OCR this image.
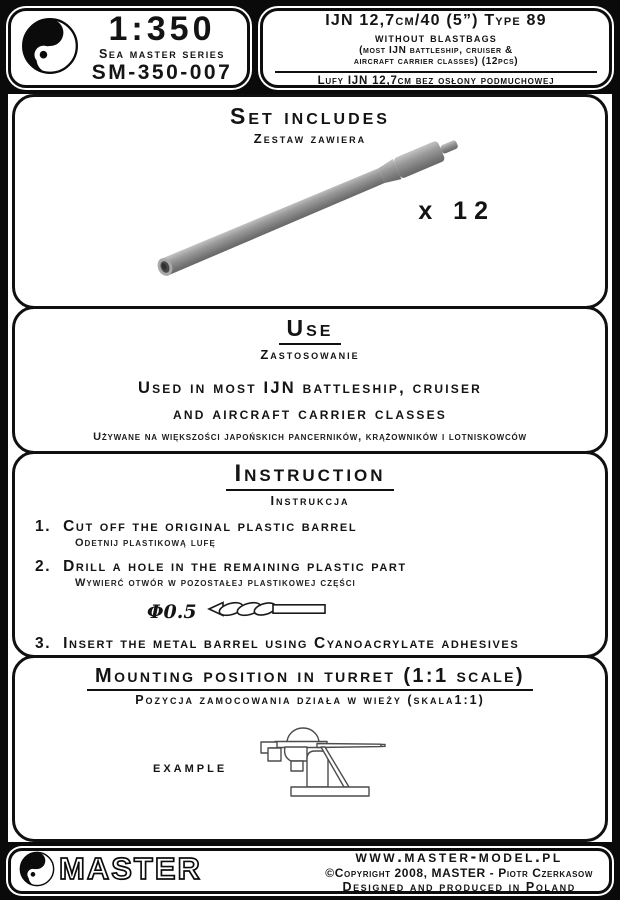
1:350
Sea master series
SM-350-007
IJN 12,7cm/40 (5”) Type 89
without blastbags
(most IJN battleship, cruiser &
aircraft carrier classes) (12pcs)
Lufy IJN 12,7cm bez osłony podmuchowej
Set includes
Zestaw zawiera
x 12
Use
Zastosowanie
Used in most IJN battleship, cruiser
and aircraft carrier classes
Używane na większości japońskich pancerników, krążowników i lotniskowców
Instruction
Instrukcja
1. Cut off the original plastic barrel
Odetnij plastikową lufę
2. Drill a hole in the remaining plastic part
Wywierć otwór w pozostałej plastikowej części
Φ0.5
3. Insert the metal barrel using Cyanoacrylate adhesives
Mounting position in turret (1:1 scale)
Pozycja zamocowania działa w wieży (skala1:1)
example
MASTER	www.master-model.pl
©Copyright 2008, MASTER - Piotr Czerkasow
Designed and produced in Poland
